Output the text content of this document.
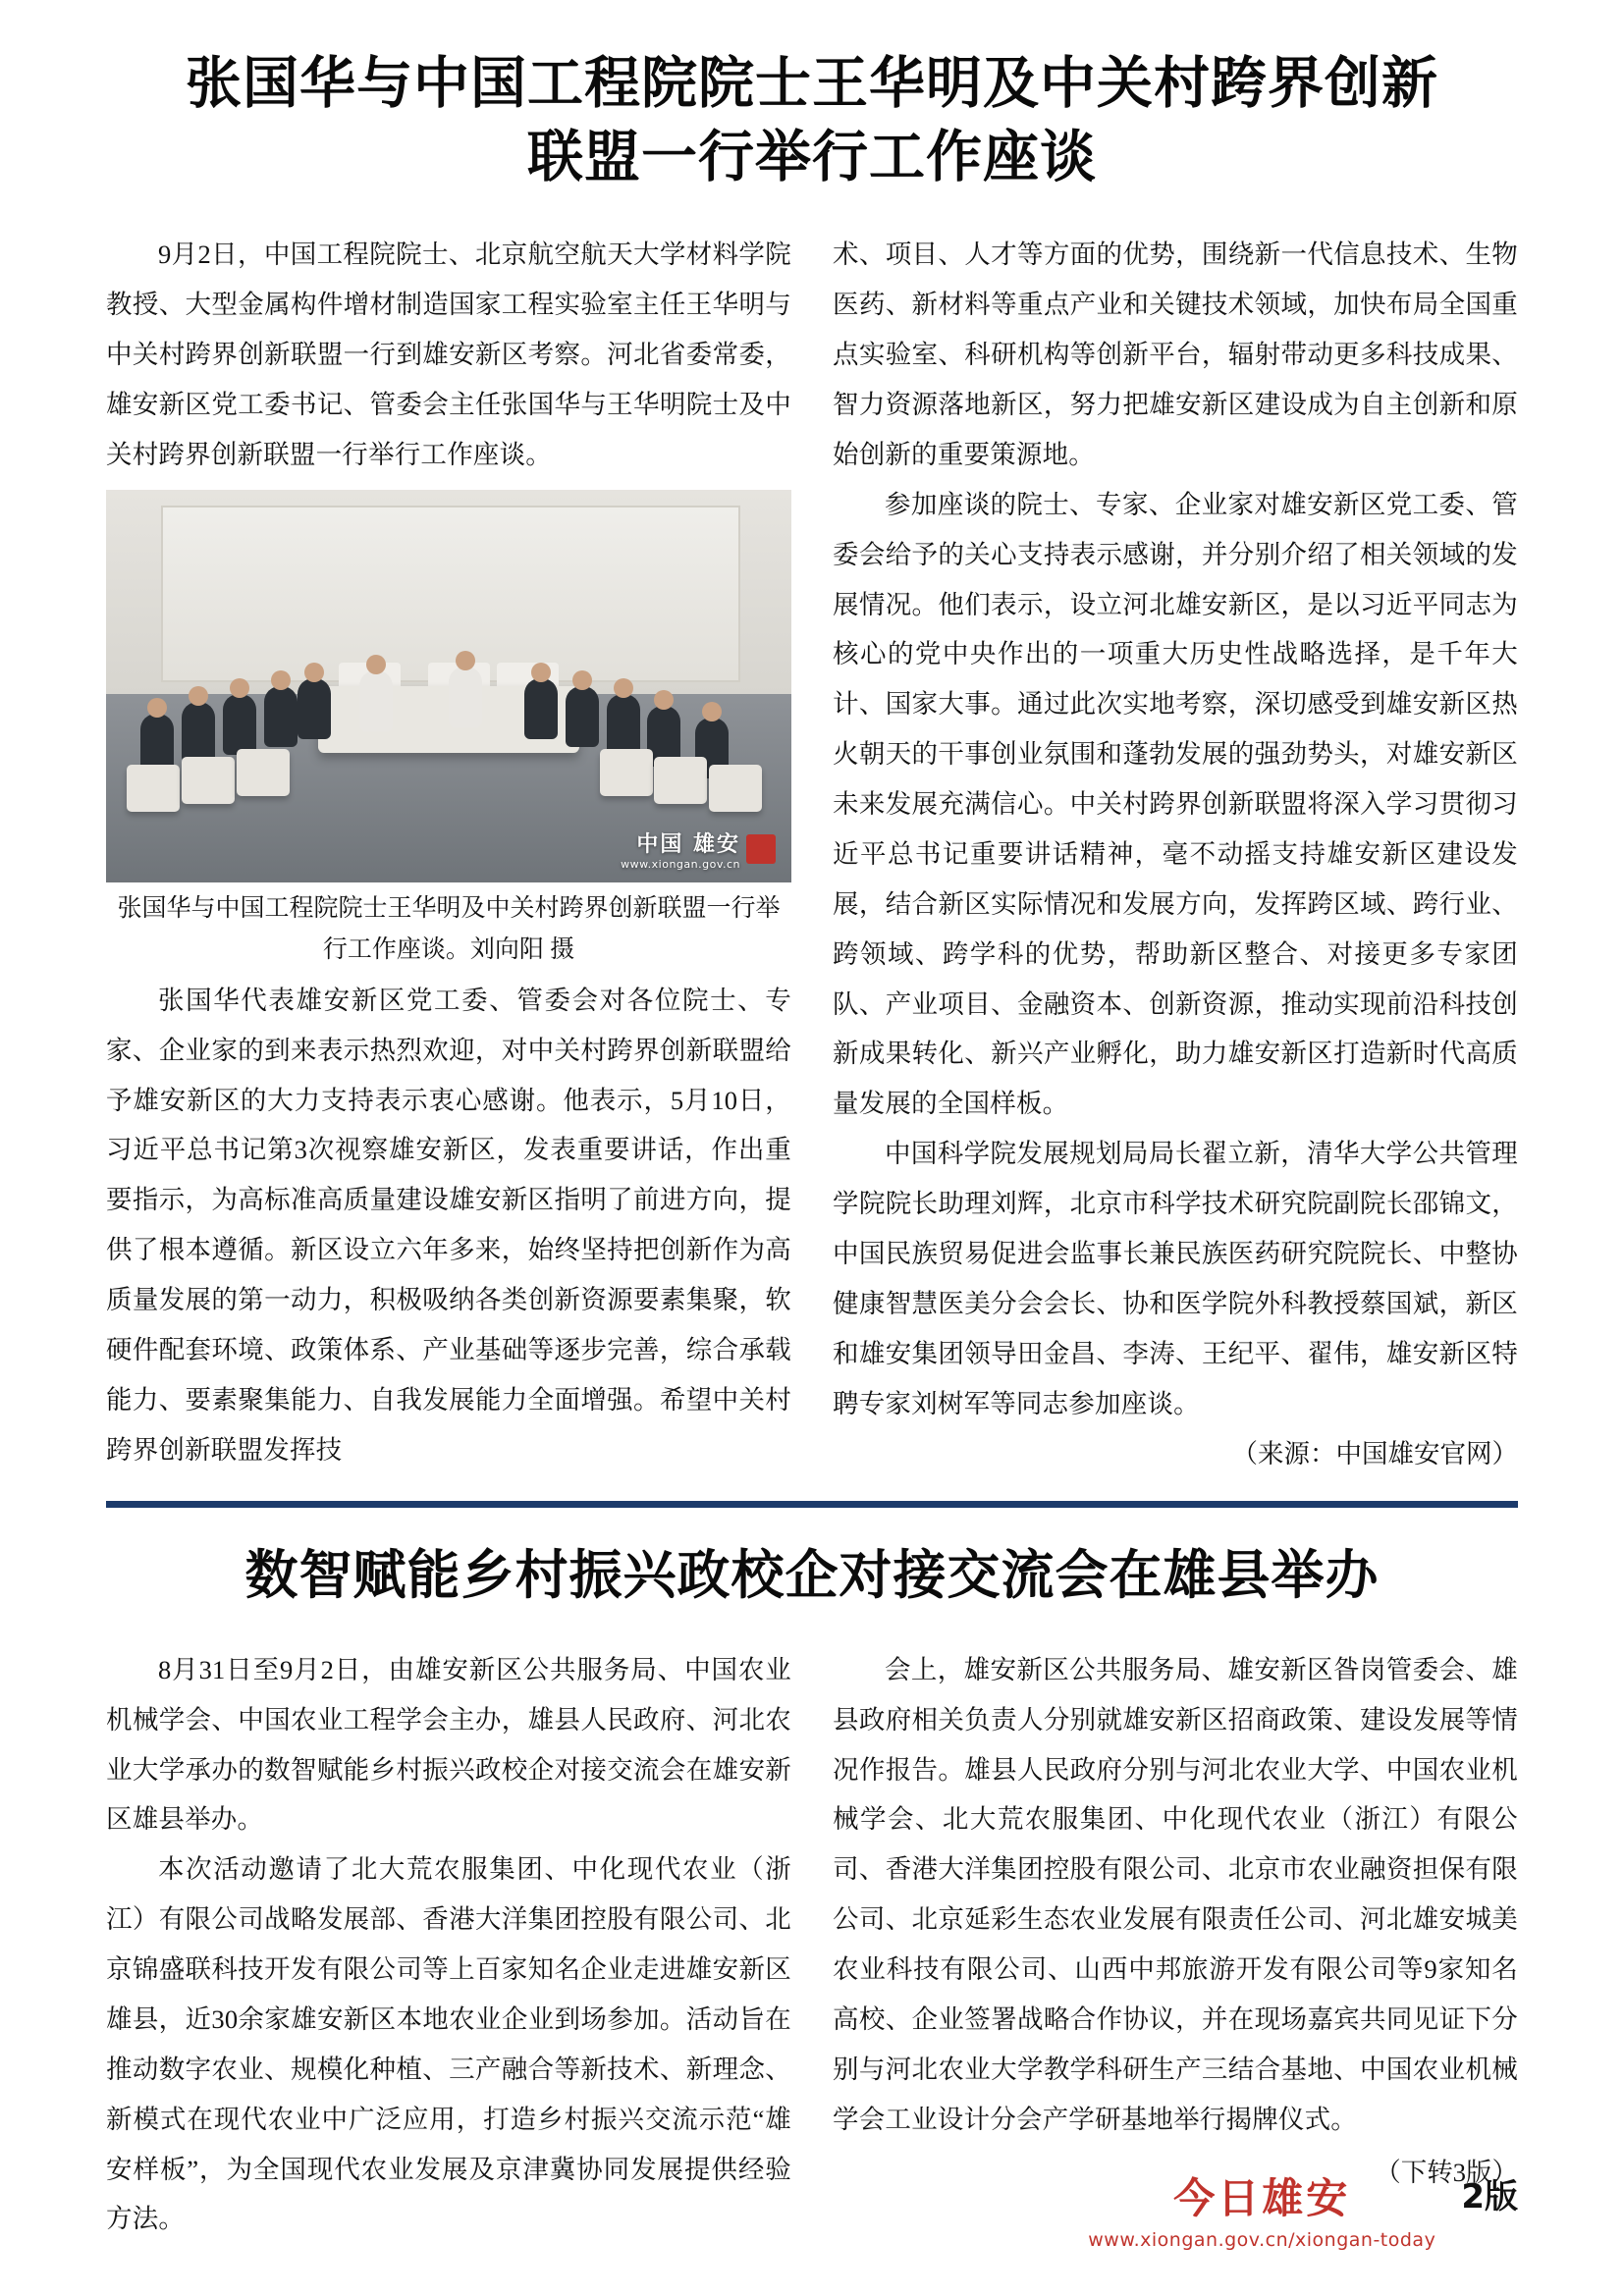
张国华与中国工程院院士王华明及中关村跨界创新联盟一行举行工作座谈

9月2日，中国工程院院士、北京航空航天大学材料学院教授、大型金属构件增材制造国家工程实验室主任王华明与中关村跨界创新联盟一行到雄安新区考察。河北省委常委，雄安新区党工委书记、管委会主任张国华与王华明院士及中关村跨界创新联盟一行举行工作座谈。

中国 雄安
www.xiongan.gov.cn
张国华与中国工程院院士王华明及中关村跨界创新联盟一行举行工作座谈。刘向阳 摄

张国华代表雄安新区党工委、管委会对各位院士、专家、企业家的到来表示热烈欢迎，对中关村跨界创新联盟给予雄安新区的大力支持表示衷心感谢。他表示，5月10日，习近平总书记第3次视察雄安新区，发表重要讲话，作出重要指示，为高标准高质量建设雄安新区指明了前进方向，提供了根本遵循。新区设立六年多来，始终坚持把创新作为高质量发展的第一动力，积极吸纳各类创新资源要素集聚，软硬件配套环境、政策体系、产业基础等逐步完善，综合承载能力、要素聚集能力、自我发展能力全面增强。希望中关村跨界创新联盟发挥技

术、项目、人才等方面的优势，围绕新一代信息技术、生物医药、新材料等重点产业和关键技术领域，加快布局全国重点实验室、科研机构等创新平台，辐射带动更多科技成果、智力资源落地新区，努力把雄安新区建设成为自主创新和原始创新的重要策源地。

参加座谈的院士、专家、企业家对雄安新区党工委、管委会给予的关心支持表示感谢，并分别介绍了相关领域的发展情况。他们表示，设立河北雄安新区，是以习近平同志为核心的党中央作出的一项重大历史性战略选择，是千年大计、国家大事。通过此次实地考察，深切感受到雄安新区热火朝天的干事创业氛围和蓬勃发展的强劲势头，对雄安新区未来发展充满信心。中关村跨界创新联盟将深入学习贯彻习近平总书记重要讲话精神，毫不动摇支持雄安新区建设发展，结合新区实际情况和发展方向，发挥跨区域、跨行业、跨领域、跨学科的优势，帮助新区整合、对接更多专家团队、产业项目、金融资本、创新资源，推动实现前沿科技创新成果转化、新兴产业孵化，助力雄安新区打造新时代高质量发展的全国样板。

中国科学院发展规划局局长翟立新，清华大学公共管理学院院长助理刘辉，北京市科学技术研究院副院长邵锦文，中国民族贸易促进会监事长兼民族医药研究院院长、中整协健康智慧医美分会会长、协和医学院外科教授蔡国斌，新区和雄安集团领导田金昌、李涛、王纪平、翟伟，雄安新区特聘专家刘树军等同志参加座谈。

（来源：中国雄安官网）
数智赋能乡村振兴政校企对接交流会在雄县举办

8月31日至9月2日，由雄安新区公共服务局、中国农业机械学会、中国农业工程学会主办，雄县人民政府、河北农业大学承办的数智赋能乡村振兴政校企对接交流会在雄安新区雄县举办。

本次活动邀请了北大荒农服集团、中化现代农业（浙江）有限公司战略发展部、香港大洋集团控股有限公司、北京锦盛联科技开发有限公司等上百家知名企业走进雄安新区雄县，近30余家雄安新区本地农业企业到场参加。活动旨在推动数字农业、规模化种植、三产融合等新技术、新理念、新模式在现代农业中广泛应用，打造乡村振兴交流示范“雄安样板”，为全国现代农业发展及京津冀协同发展提供经验方法。

会上，雄安新区公共服务局、雄安新区昝岗管委会、雄县政府相关负责人分别就雄安新区招商政策、建设发展等情况作报告。雄县人民政府分别与河北农业大学、中国农业机械学会、北大荒农服集团、中化现代农业（浙江）有限公司、香港大洋集团控股有限公司、北京市农业融资担保有限公司、北京延彩生态农业发展有限责任公司、河北雄安城美农业科技有限公司、山西中邦旅游开发有限公司等9家知名高校、企业签署战略合作协议，并在现场嘉宾共同见证下分别与河北农业大学教学科研生产三结合基地、中国农业机械学会工业设计分会产学研基地举行揭牌仪式。

（下转3版）
今日雄安
www.xiongan.gov.cn/xiongan-today
2版
